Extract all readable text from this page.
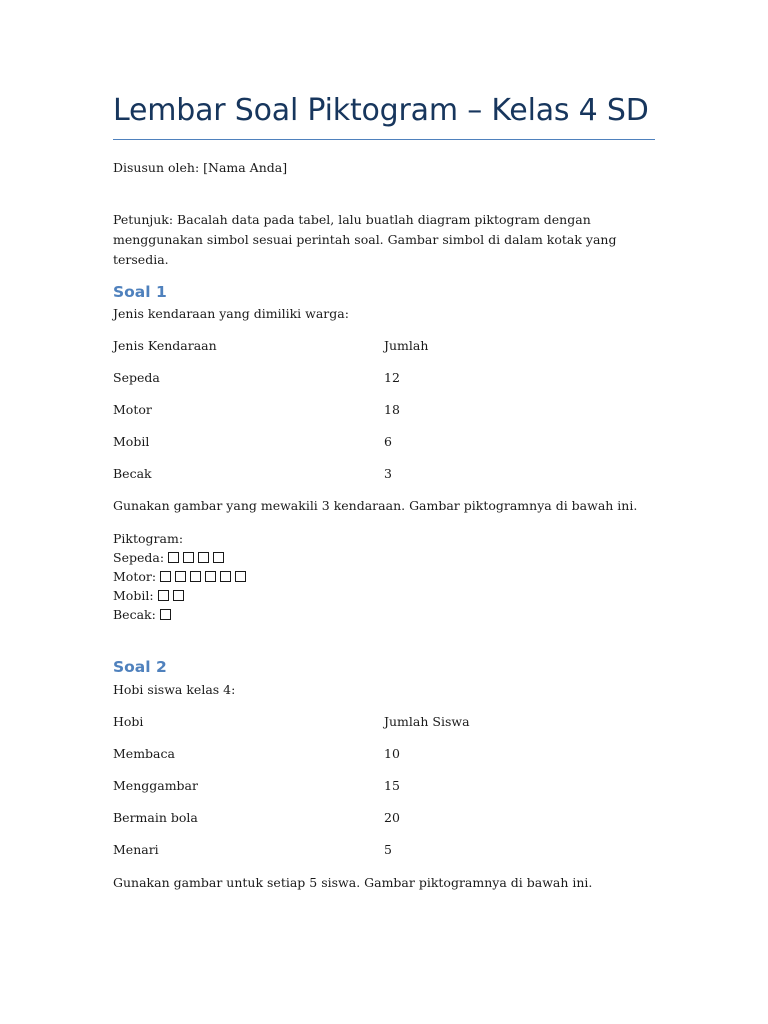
Lembar Soal Piktogram – Kelas 4 SD
Disusun oleh: [Nama Anda]
Petunjuk: Bacalah data pada tabel, lalu buatlah diagram piktogram dengan menggunakan simbol sesuai perintah soal. Gambar simbol di dalam kotak yang tersedia.
Soal 1
Jenis kendaraan yang dimiliki warga:
Jenis Kendaraan	Jumlah
Sepeda	12
Motor	18
Mobil	6
Becak	3
Gunakan gambar yang mewakili 3 kendaraan. Gambar piktogramnya di bawah ini.
Piktogram:
Sepeda:
Motor:
Mobil:
Becak:
Soal 2
Hobi siswa kelas 4:
Hobi	Jumlah Siswa
Membaca	10
Menggambar	15
Bermain bola	20
Menari	5
Gunakan gambar untuk setiap 5 siswa. Gambar piktogramnya di bawah ini.
